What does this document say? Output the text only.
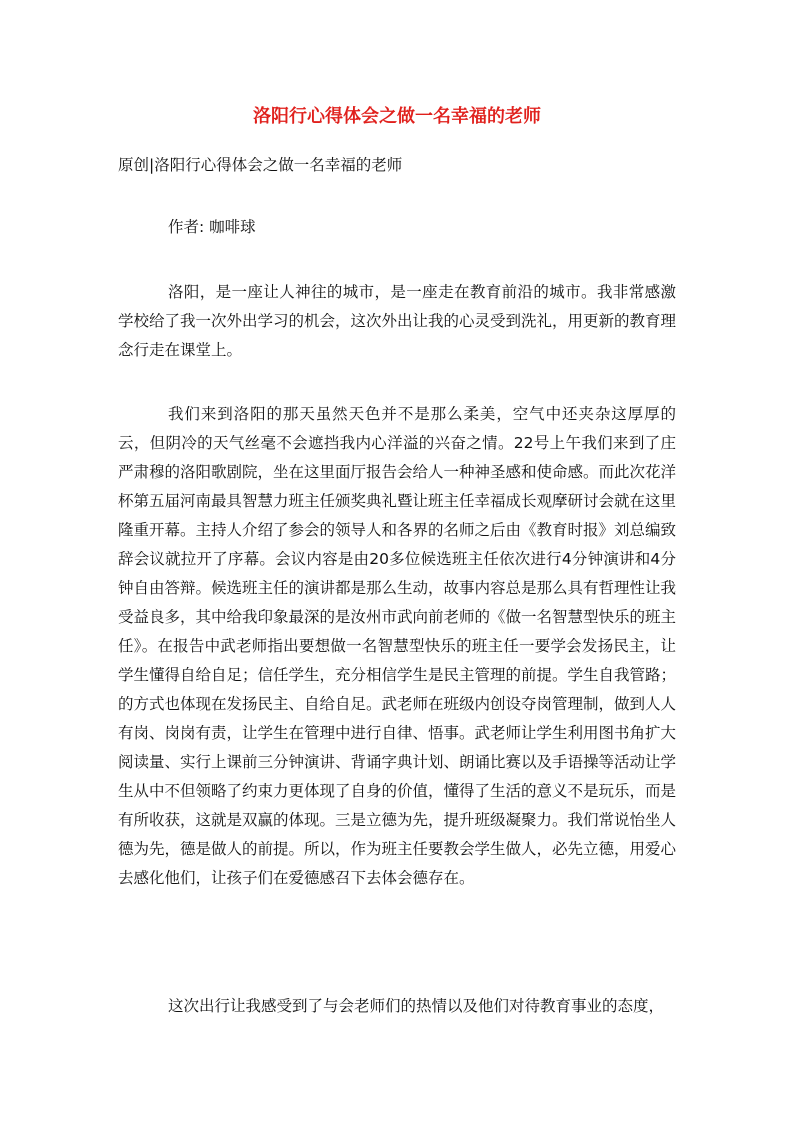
洛阳行心得体会之做一名幸福的老师
原创|洛阳行心得体会之做一名幸福的老师
作者: 咖啡球

洛阳，是一座让人神往的城市，是一座走在教育前沿的城市。我非常感激学校给了我一次外出学习的机会，这次外出让我的心灵受到洗礼，用更新的教育理念行走在课堂上。

我们来到洛阳的那天虽然天色并不是那么柔美，空气中还夹杂这厚厚的云，但阴冷的天气丝毫不会遮挡我内心洋溢的兴奋之情。22号上午我们来到了庄严肃穆的洛阳歌剧院，坐在这里面厅报告会给人一种神圣感和使命感。而此次花洋杯第五届河南最具智慧力班主任颁奖典礼暨让班主任幸福成长观摩研讨会就在这里隆重开幕。主持人介绍了参会的领导人和各界的名师之后由《教育时报》刘总编致辞会议就拉开了序幕。会议内容是由20多位候选班主任依次进行4分钟演讲和4分钟自由答辩。候选班主任的演讲都是那么生动，故事内容总是那么具有哲理性让我受益良多，其中给我印象最深的是汝州市武向前老师的《做一名智慧型快乐的班主任》。在报告中武老师指出要想做一名智慧型快乐的班主任一要学会发扬民主，让学生懂得自给自足；信任学生，充分相信学生是民主管理的前提。学生自我管路；的方式也体现在发扬民主、自给自足。武老师在班级内创设夺岗管理制，做到人人有岗、岗岗有责，让学生在管理中进行自律、悟事。武老师让学生利用图书角扩大阅读量、实行上课前三分钟演讲、背诵字典计划、朗诵比赛以及手语操等活动让学生从中不但领略了约束力更体现了自身的价值，懂得了生活的意义不是玩乐，而是有所收获，这就是双赢的体现。三是立德为先，提升班级凝聚力。我们常说怡坐人德为先，德是做人的前提。所以，作为班主任要教会学生做人，必先立德，用爱心去感化他们，让孩子们在爱德感召下去体会德存在。

这次出行让我感受到了与会老师们的热情以及他们对待教育事业的态度，
